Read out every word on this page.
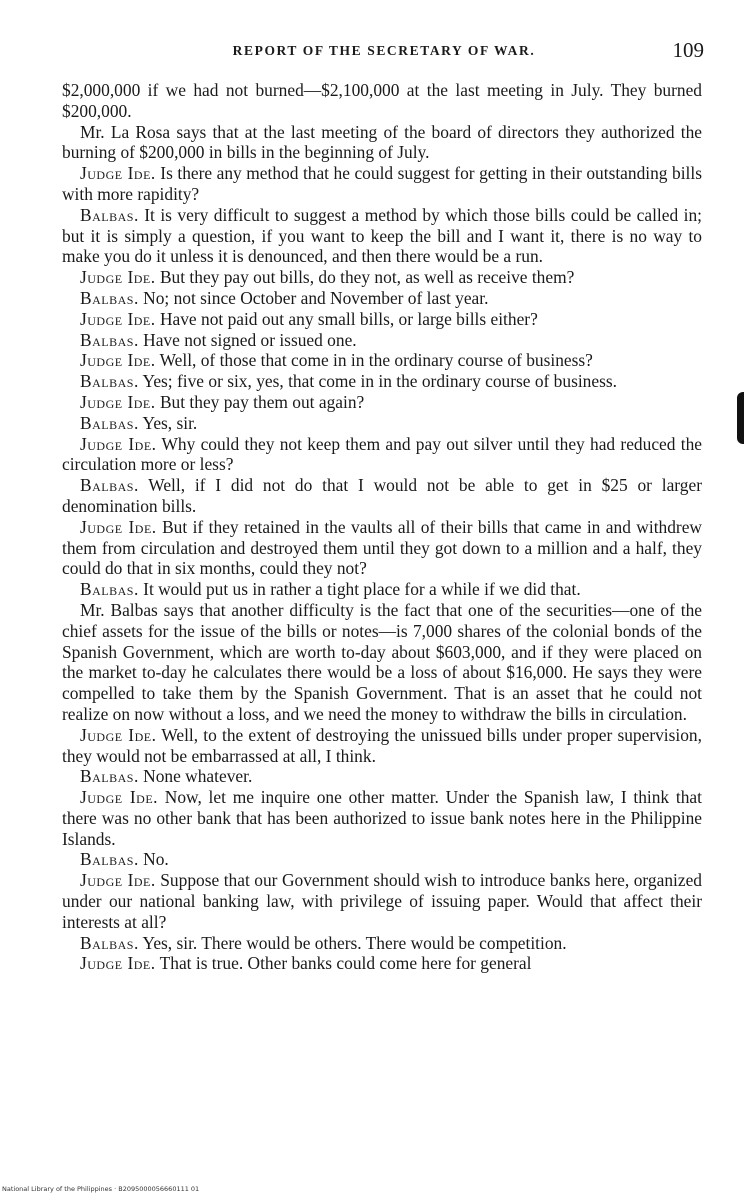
REPORT OF THE SECRETARY OF WAR.	109

$2,000,000 if we had not burned—$2,100,000 at the last meeting in July. They burned $200,000.

Mr. La Rosa says that at the last meeting of the board of directors they authorized the burning of $200,000 in bills in the beginning of July.

Judge Ide. Is there any method that he could suggest for getting in their outstanding bills with more rapidity?

Balbas. It is very difficult to suggest a method by which those bills could be called in; but it is simply a question, if you want to keep the bill and I want it, there is no way to make you do it unless it is denounced, and then there would be a run.

Judge Ide. But they pay out bills, do they not, as well as receive them?

Balbas. No; not since October and November of last year.

Judge Ide. Have not paid out any small bills, or large bills either?

Balbas. Have not signed or issued one.

Judge Ide. Well, of those that come in in the ordinary course of business?

Balbas. Yes; five or six, yes, that come in in the ordinary course of business.

Judge Ide. But they pay them out again?

Balbas. Yes, sir.

Judge Ide. Why could they not keep them and pay out silver until they had reduced the circulation more or less?

Balbas. Well, if I did not do that I would not be able to get in $25 or larger denomination bills.

Judge Ide. But if they retained in the vaults all of their bills that came in and withdrew them from circulation and destroyed them until they got down to a million and a half, they could do that in six months, could they not?

Balbas. It would put us in rather a tight place for a while if we did that.

Mr. Balbas says that another difficulty is the fact that one of the securities—one of the chief assets for the issue of the bills or notes—is 7,000 shares of the colonial bonds of the Spanish Government, which are worth to-day about $603,000, and if they were placed on the market to-day he calculates there would be a loss of about $16,000. He says they were compelled to take them by the Spanish Government. That is an asset that he could not realize on now without a loss, and we need the money to withdraw the bills in circulation.

Judge Ide. Well, to the extent of destroying the unissued bills under proper supervision, they would not be embarrassed at all, I think.

Balbas. None whatever.

Judge Ide. Now, let me inquire one other matter. Under the Spanish law, I think that there was no other bank that has been authorized to issue bank notes here in the Philippine Islands.

Balbas. No.

Judge Ide. Suppose that our Government should wish to introduce banks here, organized under our national banking law, with privilege of issuing paper. Would that affect their interests at all?

Balbas. Yes, sir. There would be others. There would be competition.

Judge Ide. That is true. Other banks could come here for general

National Library of the Philippines · B2095000056660111 01
